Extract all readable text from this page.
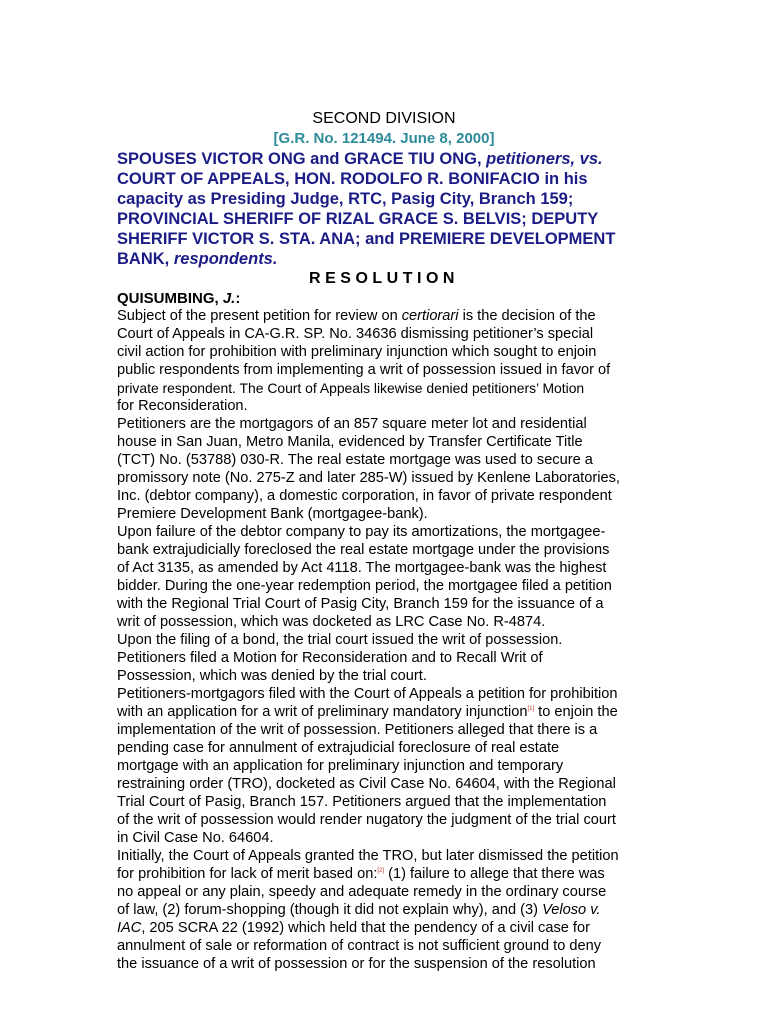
SECOND DIVISION
[G.R. No. 121494. June 8, 2000]
SPOUSES VICTOR ONG and GRACE TIU ONG, petitioners, vs.
COURT OF APPEALS, HON. RODOLFO R. BONIFACIO in his
capacity as Presiding Judge, RTC, Pasig City, Branch 159;
PROVINCIAL SHERIFF OF RIZAL GRACE S. BELVIS; DEPUTY
SHERIFF VICTOR S. STA. ANA; and PREMIERE DEVELOPMENT
BANK, respondents.
RESOLUTION
QUISUMBING, J.:
Subject of the present petition for review on certiorari is the decision of the
Court of Appeals in CA-G.R. SP. No. 34636 dismissing petitioner’s special
civil action for prohibition with preliminary injunction which sought to enjoin
public respondents from implementing a writ of possession issued in favor of
private respondent. The Court of Appeals likewise denied petitioners’ Motion
for Reconsideration.
Petitioners are the mortgagors of an 857 square meter lot and residential
house in San Juan, Metro Manila, evidenced by Transfer Certificate Title
(TCT) No. (53788) 030-R. The real estate mortgage was used to secure a
promissory note (No. 275-Z and later 285-W) issued by Kenlene Laboratories,
Inc. (debtor company), a domestic corporation, in favor of private respondent
Premiere Development Bank (mortgagee-bank).
Upon failure of the debtor company to pay its amortizations, the mortgagee-
bank extrajudicially foreclosed the real estate mortgage under the provisions
of Act 3135, as amended by Act 4118. The mortgagee-bank was the highest
bidder. During the one-year redemption period, the mortgagee filed a petition
with the Regional Trial Court of Pasig City, Branch 159 for the issuance of a
writ of possession, which was docketed as LRC Case No. R-4874.
Upon the filing of a bond, the trial court issued the writ of possession.
Petitioners filed a Motion for Reconsideration and to Recall Writ of
Possession, which was denied by the trial court.
Petitioners-mortgagors filed with the Court of Appeals a petition for prohibition
with an application for a writ of preliminary mandatory injunction[1] to enjoin the
implementation of the writ of possession. Petitioners alleged that there is a
pending case for annulment of extrajudicial foreclosure of real estate
mortgage with an application for preliminary injunction and temporary
restraining order (TRO), docketed as Civil Case No. 64604, with the Regional
Trial Court of Pasig, Branch 157. Petitioners argued that the implementation
of the writ of possession would render nugatory the judgment of the trial court
in Civil Case No. 64604.
Initially, the Court of Appeals granted the TRO, but later dismissed the petition
for prohibition for lack of merit based on:[2] (1) failure to allege that there was
no appeal or any plain, speedy and adequate remedy in the ordinary course
of law, (2) forum-shopping (though it did not explain why), and (3) Veloso v.
IAC, 205 SCRA 22 (1992) which held that the pendency of a civil case for
annulment of sale or reformation of contract is not sufficient ground to deny
the issuance of a writ of possession or for the suspension of the resolution
